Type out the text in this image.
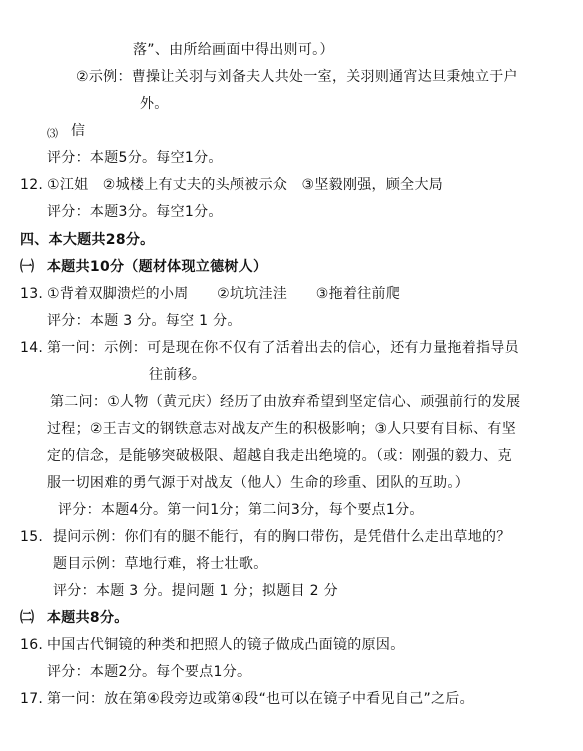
落”、由所给画面中得出则可。）
②示例：曹操让关羽与刘备夫人共处一室，关羽则通宵达旦秉烛立于户
外。
⑶ 信
评分：本题5分。每空1分。
12. ①江姐　②城楼上有丈夫的头颅被示众　③坚毅刚强，顾全大局
评分：本题3分。每空1分。
四、本大题共28分。
㈠ 本题共10分（题材体现立德树人）
13. ①背着双脚溃烂的小周　　②坑坑洼洼　　③拖着往前爬
评分：本题 3 分。每空 1 分。
14. 第一问：示例：可是现在你不仅有了活着出去的信心，还有力量拖着指导员
往前移。
第二问：①人物（黄元庆）经历了由放弃希望到坚定信心、顽强前行的发展
过程；②王吉文的钢铁意志对战友产生的积极影响；③人只要有目标、有坚
定的信念，是能够突破极限、超越自我走出绝境的。（或：刚强的毅力、克
服一切困难的勇气源于对战友（他人）生命的珍重、团队的互助。）
评分：本题4分。第一问1分；第二问3分，每个要点1分。
15. 提问示例：你们有的腿不能行，有的胸口带伤，是凭借什么走出草地的？
题目示例：草地行难，将士壮歌。
评分：本题 3 分。提问题 1 分；拟题目 2 分
㈡ 本题共8分。
16. 中国古代铜镜的种类和把照人的镜子做成凸面镜的原因。
评分：本题2分。每个要点1分。
17. 第一问：放在第④段旁边或第④段“也可以在镜子中看见自己”之后。
